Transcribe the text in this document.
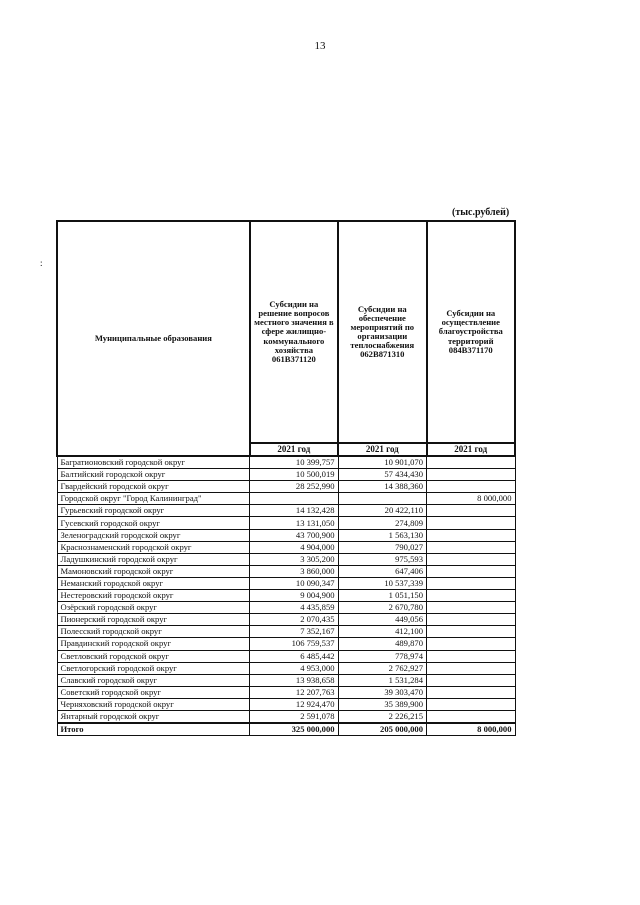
13
:
(тыс.рублей)
Муниципальные образования	Субсидии на решение вопросов местного значения в сфере жилищно-коммунального хозяйства 061В371120	Субсидии на обеспечение мероприятий по организации теплоснабжения 062В871310	Субсидии на осуществление благоустройства территорий 084В371170
	2021 год	2021 год	2021 год
Багратионовский городской округ	10 399,757	10 901,070	
Балтийский городской округ	10 500,019	57 434,430	
Гвардейский городской округ	28 252,990	14 388,360	
Городской округ "Город Калининград"			8 000,000
Гурьевский городской округ	14 132,428	20 422,110	
Гусевский городской округ	13 131,050	274,809	
Зеленоградский городской округ	43 700,900	1 563,130	
Краснознаменский городской округ	4 904,000	790,027	
Ладушкинский городской округ	3 305,200	975,593	
Мамоновский городской округ	3 860,000	647,406	
Неманский городской округ	10 090,347	10 537,339	
Нестеровский городской округ	9 004,900	1 051,150	
Озёрский городской округ	4 435,859	2 670,780	
Пионерский городской округ	2 070,435	449,056	
Полесский городской округ	7 352,167	412,100	
Правдинский городской округ	106 759,537	489,870	
Светловский городской округ	6 485,442	778,974	
Светлогорский городской округ	4 953,000	2 762,927	
Славский городской округ	13 938,658	1 531,284	
Советский городской округ	12 207,763	39 303,470	
Черняховский городской округ	12 924,470	35 389,900	
Янтарный городской округ	2 591,078	2 226,215	
Итого	325 000,000	205 000,000	8 000,000
